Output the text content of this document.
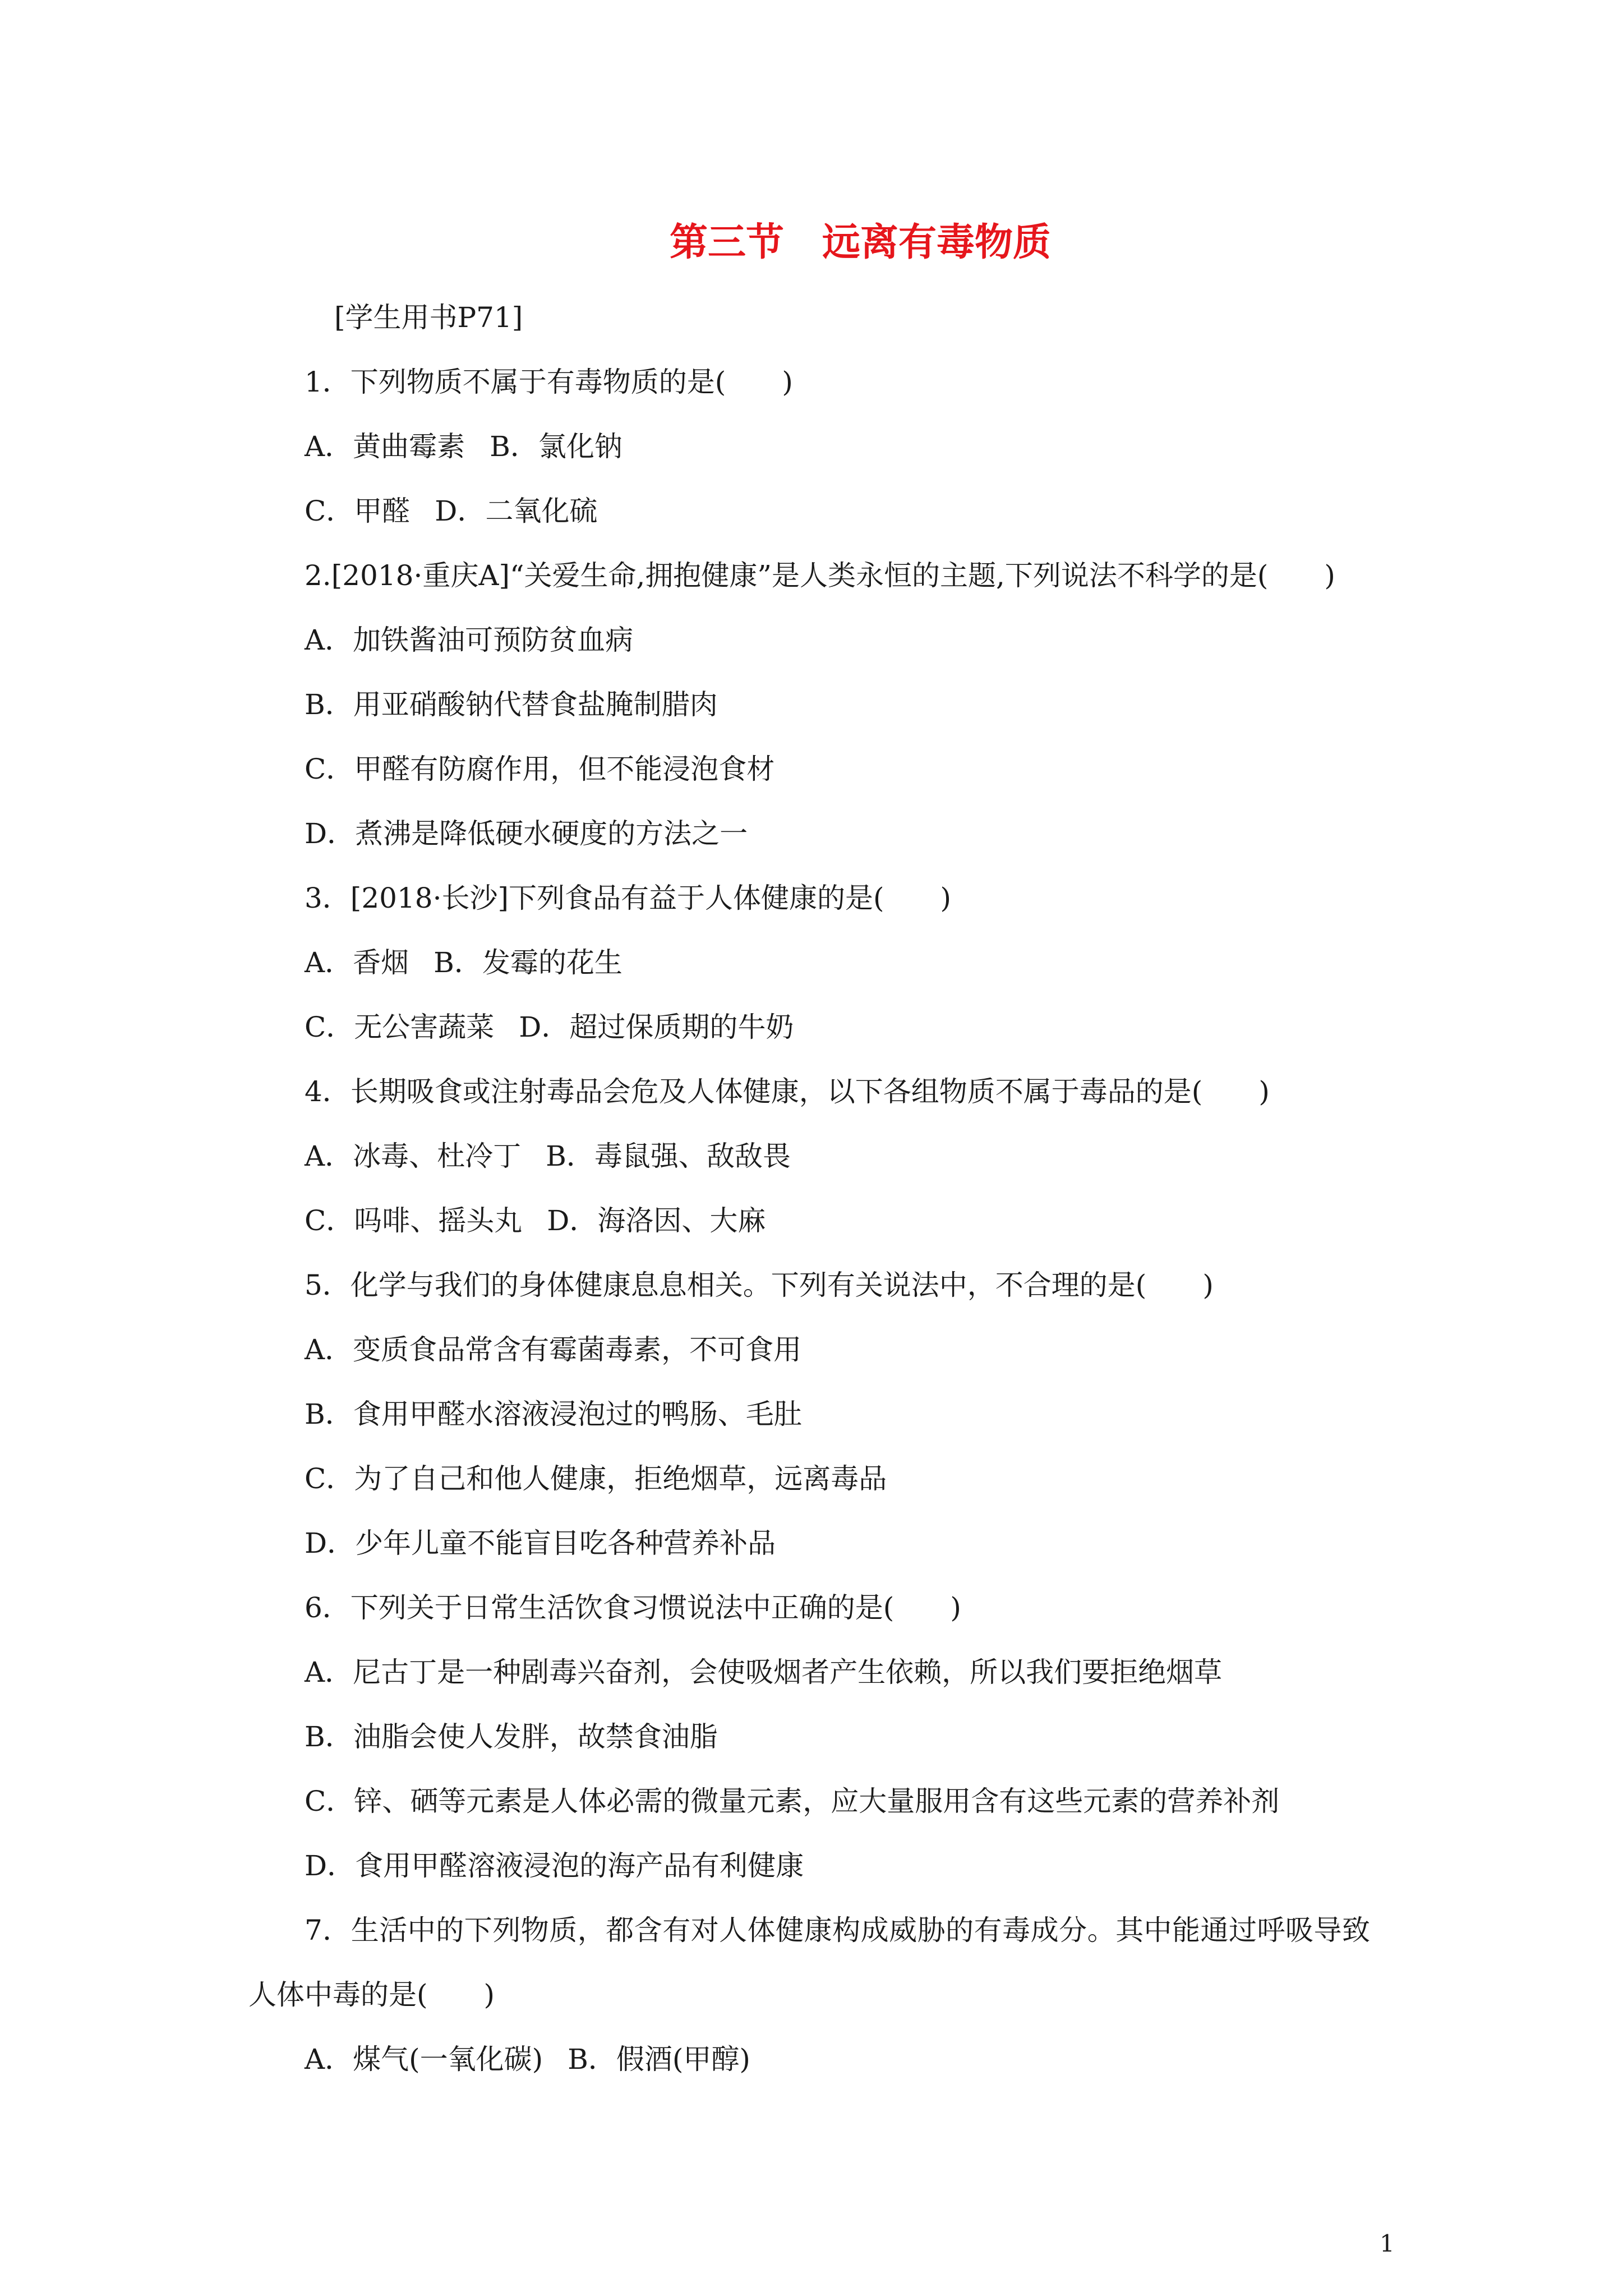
第三节　远离有毒物质
[学生用书P71]
1．下列物质不属于有毒物质的是(　　)
A．黄曲霉素 B．氯化钠
C．甲醛 D．二氧化硫
2.[2018·重庆A]“关爱生命,拥抱健康”是人类永恒的主题,下列说法不科学的是(　　)
A．加铁酱油可预防贫血病
B．用亚硝酸钠代替食盐腌制腊肉
C．甲醛有防腐作用，但不能浸泡食材
D．煮沸是降低硬水硬度的方法之一
3．[2018·长沙]下列食品有益于人体健康的是(　　)
A．香烟 B．发霉的花生
C．无公害蔬菜 D．超过保质期的牛奶
4．长期吸食或注射毒品会危及人体健康，以下各组物质不属于毒品的是(　　)
A．冰毒、杜冷丁 B．毒鼠强、敌敌畏
C．吗啡、摇头丸 D．海洛因、大麻
5．化学与我们的身体健康息息相关。下列有关说法中，不合理的是(　　)
A．变质食品常含有霉菌毒素，不可食用
B．食用甲醛水溶液浸泡过的鸭肠、毛肚
C．为了自己和他人健康，拒绝烟草，远离毒品
D．少年儿童不能盲目吃各种营养补品
6．下列关于日常生活饮食习惯说法中正确的是(　　)
A．尼古丁是一种剧毒兴奋剂，会使吸烟者产生依赖，所以我们要拒绝烟草
B．油脂会使人发胖，故禁食油脂
C．锌、硒等元素是人体必需的微量元素，应大量服用含有这些元素的营养补剂
D．食用甲醛溶液浸泡的海产品有利健康
7．生活中的下列物质，都含有对人体健康构成威胁的有毒成分。其中能通过呼吸导致人体中毒的是(　　)
A．煤气(一氧化碳) B．假酒(甲醇)
1
